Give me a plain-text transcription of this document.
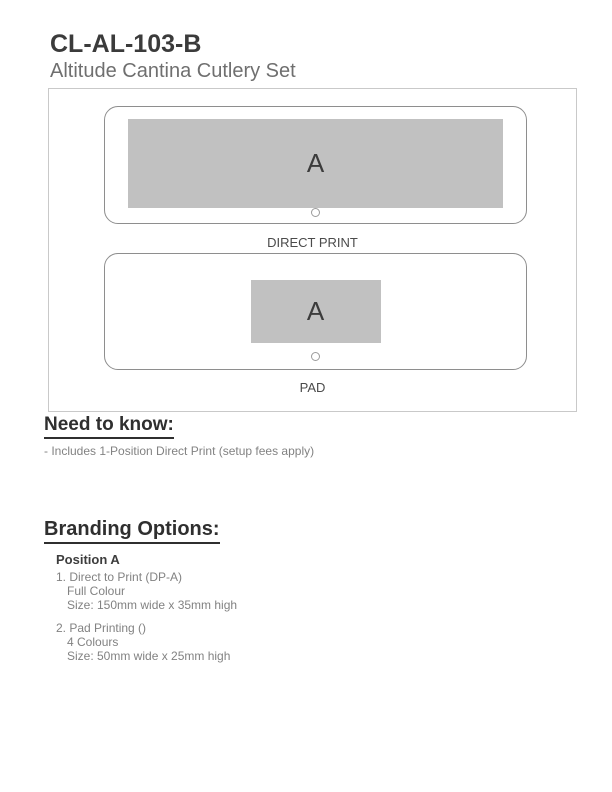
CL-AL-103-B
Altitude Cantina Cutlery Set
A
DIRECT PRINT
A
PAD
Need to know:
- Includes 1-Position Direct Print (setup fees apply)
Branding Options:
Position A
1. Direct to Print (DP-A)
Full Colour
Size: 150mm wide x 35mm high
2. Pad Printing ()
4 Colours
Size: 50mm wide x 25mm high
